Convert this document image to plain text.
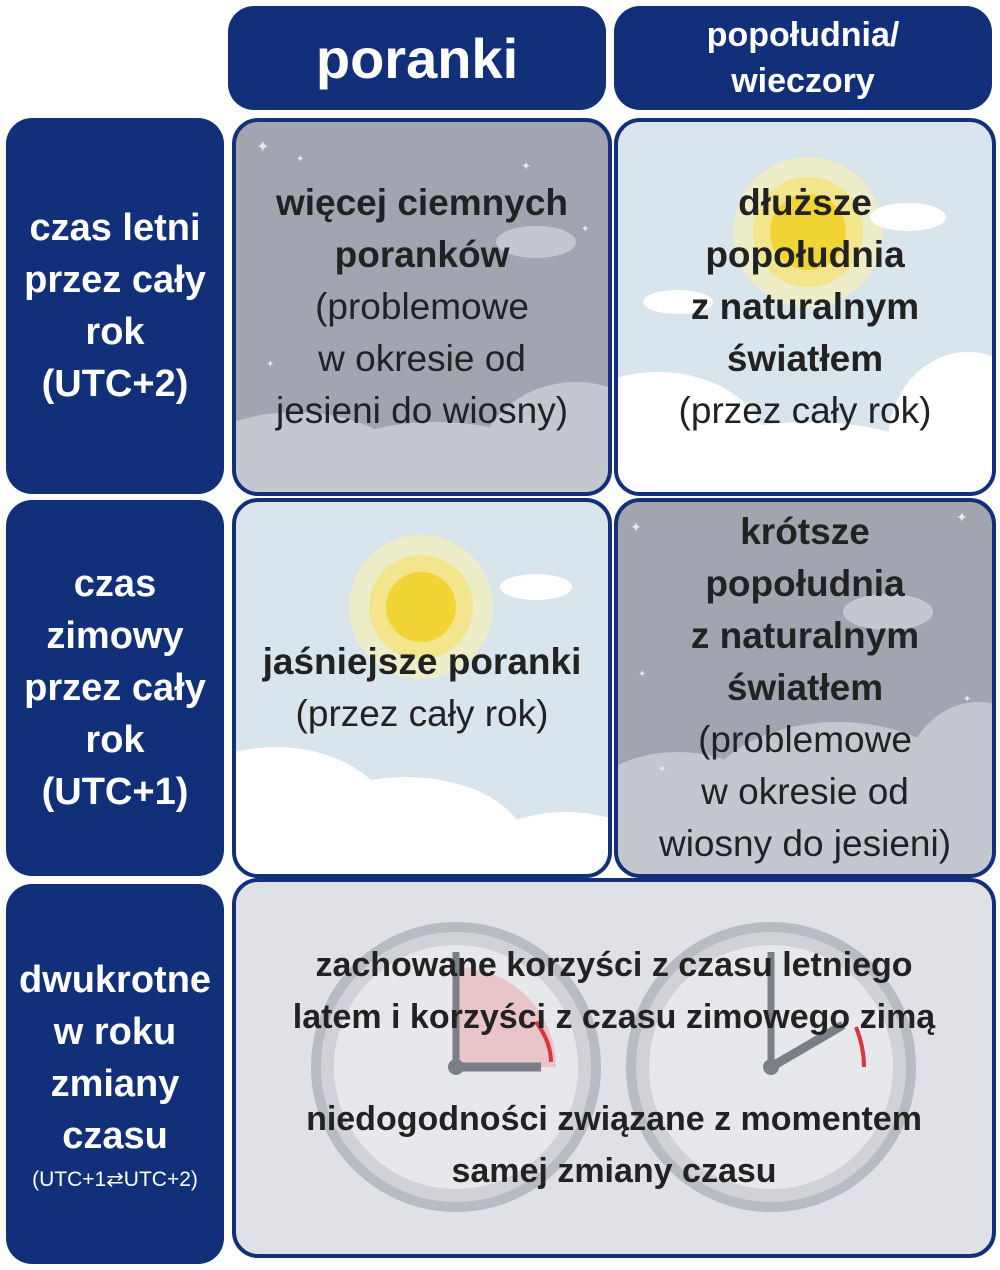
poranki	popołudnia/
wieczory
czas letni
przez cały
rok
(UTC+2)
czas
zimowy
przez cały
rok
(UTC+1)
dwukrotne
w roku
zmiany
czasu
(UTC+1⇄UTC+2)
✦
✦	✦
✦
✦
więcej ciemnych
poranków
(problemowe
w okresie od
jesieni do wiosny)
dłuższe
popołudnia
z naturalnym
światłem
(przez cały rok)
jaśniejsze poranki
(przez cały rok)
✦
✦
✦
✦
✦
krótsze
popołudnia
z naturalnym
światłem
(problemowe
w okresie od
wiosny do jesieni)
zachowane korzyści z czasu letniego
latem i korzyści z czasu zimowego zimą
niedogodności związane z momentem
samej zmiany czasu
